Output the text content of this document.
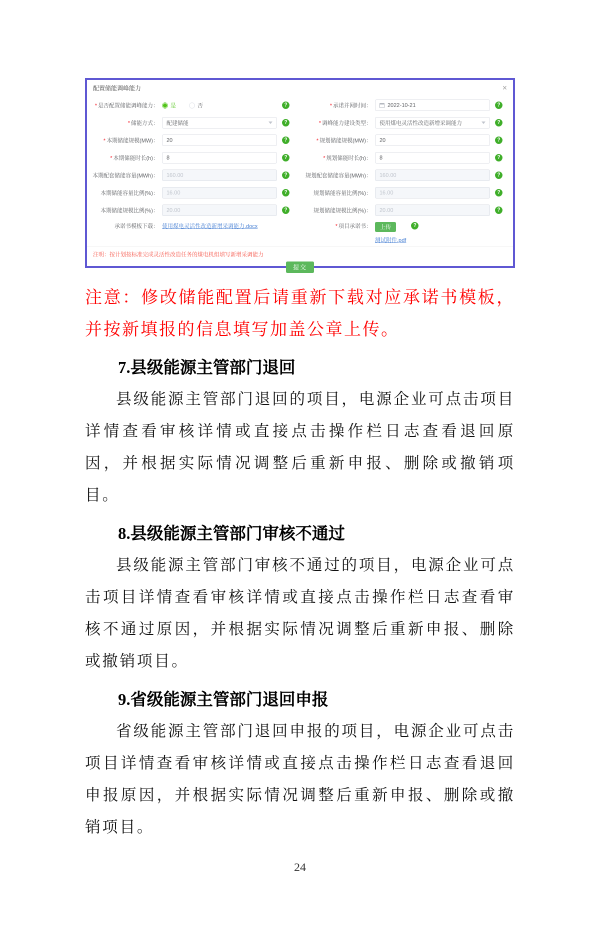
配置储能调峰能力	×
*是否配置储能调峰能力：	是 否	?	*承诺并网时间：	2022-10-21	?
*储能方式： 配建储能	?	*调峰能力建设类型： 使用煤电灵活性改造新增采调能力	?
*本期储能规模(MW)： 20	?	*规划储能规模(MW)： 20	?
*本期储能时长(h)： 8	?	*规划储能时长(h)： 8	?
本期配套储能容量(MWh)： 160.00	?	规划配套储能容量(MWh)： 160.00	?
本期储能容量比例(%)： 16.00	?	规划储能容量比例(%)： 16.00	?
本期储能规模比例(%)： 20.00	?	规划储能规模比例(%)： 20.00	?
承诺书模板下载： 使用煤电灵活性改造新增采调能力.docx	*项目承诺书： 上传
测试附件.pdf
?
注明：按计划按标准完成灵活性改造任务的煤电机组填写新增采调能力
提交

注意：修改储能配置后请重新下载对应承诺书模板，并按新填报的信息填写加盖公章上传。

7.县级能源主管部门退回

县级能源主管部门退回的项目，电源企业可点击项目详情查看审核详情或直接点击操作栏日志查看退回原因，并根据实际情况调整后重新申报、删除或撤销项目。

8.县级能源主管部门审核不通过

县级能源主管部门审核不通过的项目，电源企业可点击项目详情查看审核详情或直接点击操作栏日志查看审核不通过原因，并根据实际情况调整后重新申报、删除或撤销项目。

9.省级能源主管部门退回申报

省级能源主管部门退回申报的项目，电源企业可点击项目详情查看审核详情或直接点击操作栏日志查看退回申报原因，并根据实际情况调整后重新申报、删除或撤销项目。

24
